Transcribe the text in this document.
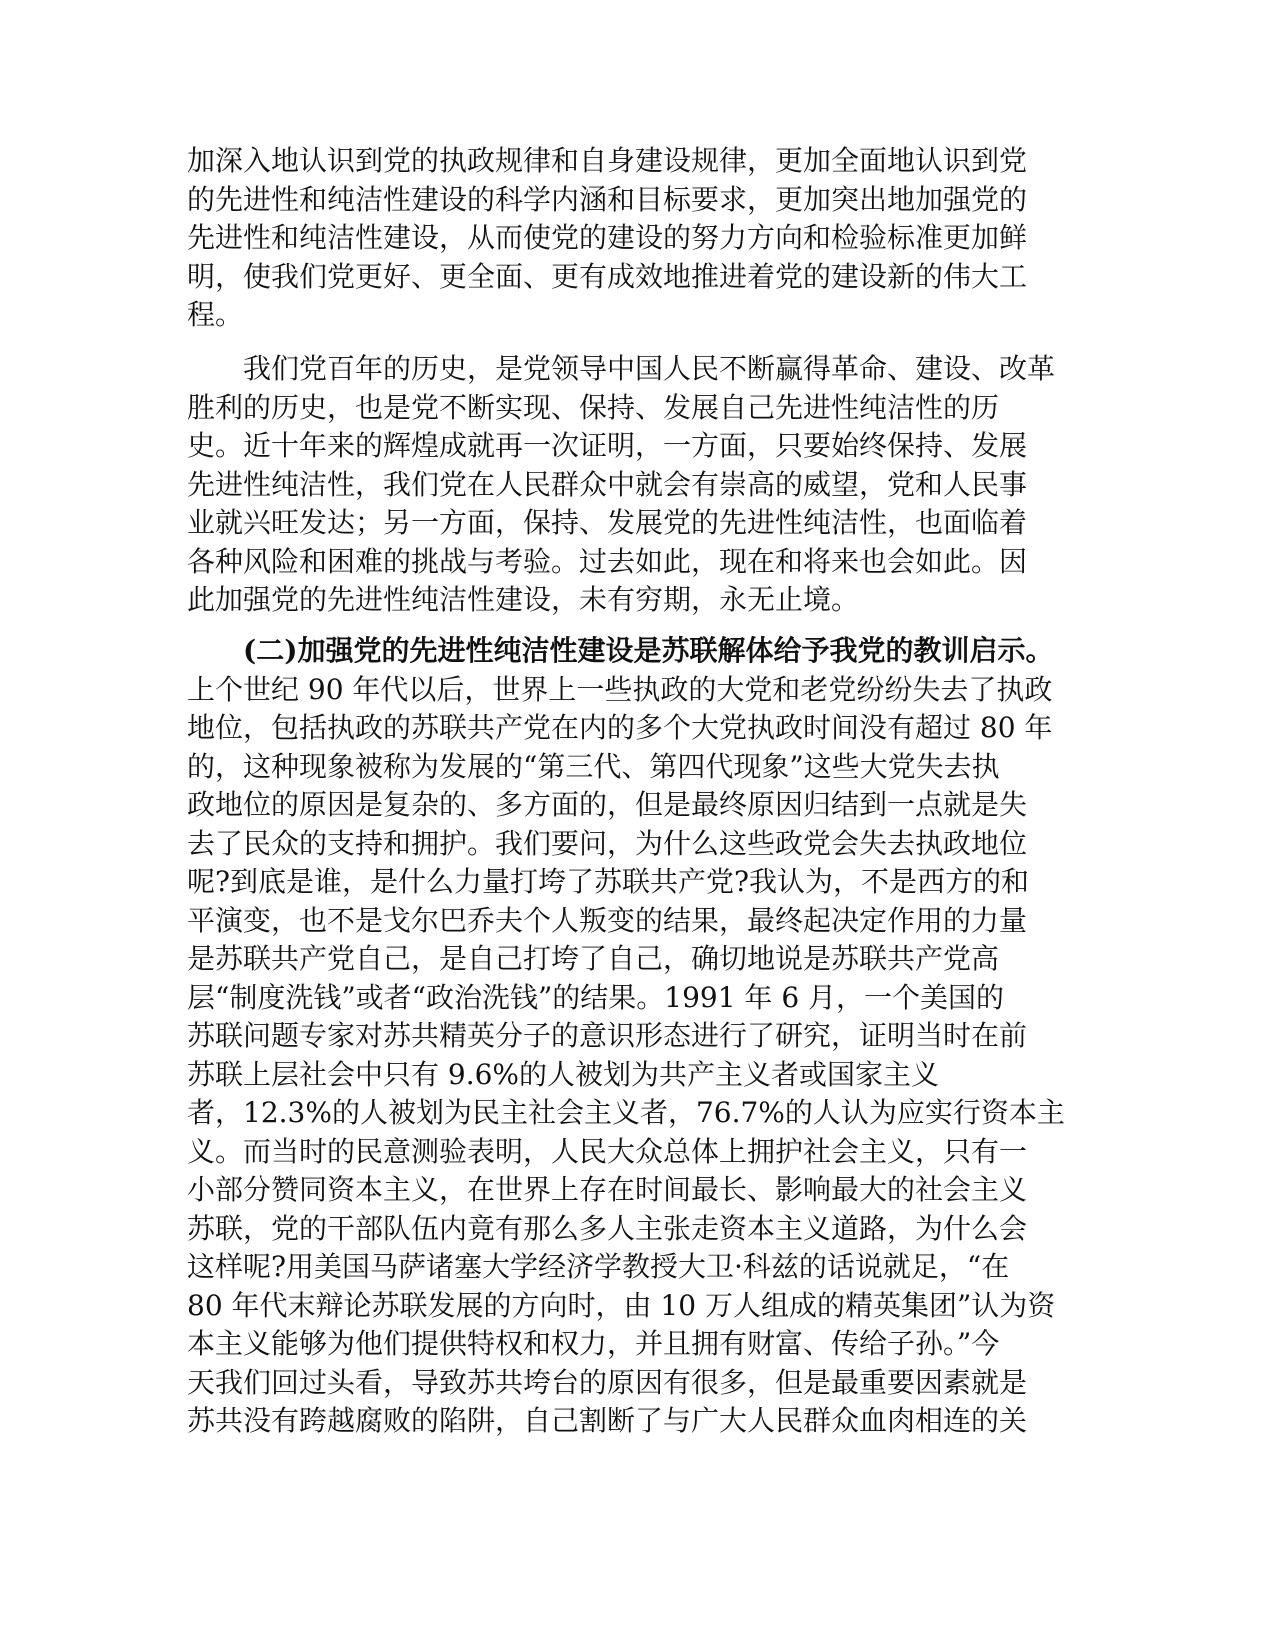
加深入地认识到党的执政规律和自身建设规律，更加全面地认识到党
的先进性和纯洁性建设的科学内涵和目标要求，更加突出地加强党的
先进性和纯洁性建设，从而使党的建设的努力方向和检验标准更加鲜
明，使我们党更好、更全面、更有成效地推进着党的建设新的伟大工
程。
　　我们党百年的历史，是党领导中国人民不断赢得革命、建设、改革
胜利的历史，也是党不断实现、保持、发展自己先进性纯洁性的历
史。近十年来的辉煌成就再一次证明，一方面，只要始终保持、发展
先进性纯洁性，我们党在人民群众中就会有崇高的威望，党和人民事
业就兴旺发达；另一方面，保持、发展党的先进性纯洁性，也面临着
各种风险和困难的挑战与考验。过去如此，现在和将来也会如此。因
此加强党的先进性纯洁性建设，未有穷期，永无止境。
　　(二)加强党的先进性纯洁性建设是苏联解体给予我党的教训启示。
上个世纪 90 年代以后，世界上一些执政的大党和老党纷纷失去了执政
地位，包括执政的苏联共产党在内的多个大党执政时间没有超过 80 年
的，这种现象被称为发展的“第三代、第四代现象”这些大党失去执
政地位的原因是复杂的、多方面的，但是最终原因归结到一点就是失
去了民众的支持和拥护。我们要问，为什么这些政党会失去执政地位
呢?到底是谁，是什么力量打垮了苏联共产党?我认为，不是西方的和
平演变，也不是戈尔巴乔夫个人叛变的结果，最终起决定作用的力量
是苏联共产党自己，是自己打垮了自己，确切地说是苏联共产党高
层“制度洗钱”或者“政治洗钱”的结果。1991 年 6 月，一个美国的
苏联问题专家对苏共精英分子的意识形态进行了研究，证明当时在前
苏联上层社会中只有 9.6%的人被划为共产主义者或国家主义
者，12.3%的人被划为民主社会主义者，76.7%的人认为应实行资本主
义。而当时的民意测验表明，人民大众总体上拥护社会主义，只有一
小部分赞同资本主义，在世界上存在时间最长、影响最大的社会主义
苏联，党的干部队伍内竟有那么多人主张走资本主义道路，为什么会
这样呢?用美国马萨诸塞大学经济学教授大卫·科兹的话说就足，“在
80 年代末辩论苏联发展的方向时，由 10 万人组成的精英集团”认为资
本主义能够为他们提供特权和权力，并且拥有财富、传给子孙。”今
天我们回过头看，导致苏共垮台的原因有很多，但是最重要因素就是
苏共没有跨越腐败的陷阱，自己割断了与广大人民群众血肉相连的关
